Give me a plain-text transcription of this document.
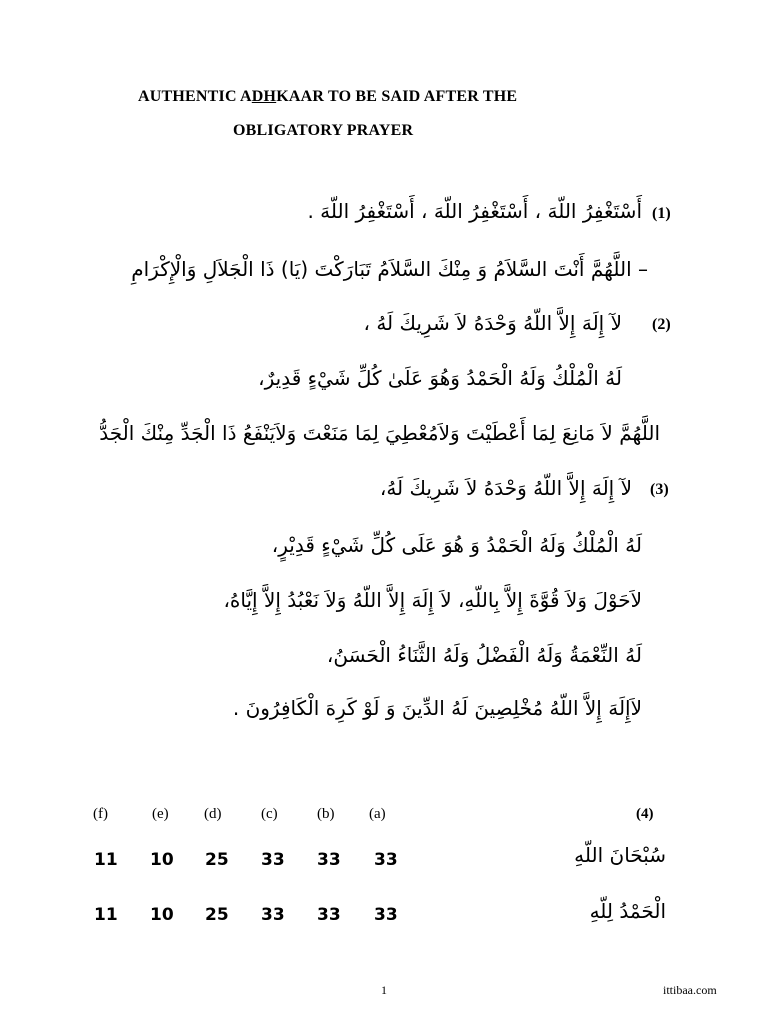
AUTHENTIC ADHKAAR TO BE SAID AFTER THE
OBLIGATORY PRAYER
(1)
أَسْتَغْفِرُ اللّهَ ، أَسْتَغْفِرُ اللّهَ ، أَسْتَغْفِرُ اللّهَ .
– اللَّهُمَّ أَنْتَ السَّلاَمُ وَ مِنْكَ السَّلاَمُ تَبَارَكْتَ (يَا) ذَا الْجَلاَلِ وَالْإِكْرَامِ
(2)
لآ إِلَهَ إِلاَّ اللّهُ وَحْدَهُ لاَ شَرِيكَ لَهُ ،
لَهُ الْمُلْكُ وَلَهُ الْحَمْدُ وَهُوَ عَلَىٰ كُلِّ شَيْءٍ قَدِيرٌ،
اللَّهُمَّ لاَ مَانِعَ لِمَا أَعْطَيْتَ وَلاَمُعْطِيَ لِمَا مَنَعْتَ وَلاَيَنْفَعُ ذَا الْجَدِّ مِنْكَ الْجَدُّ
(3)
لآ إِلَهَ إِلاَّ اللّهُ وَحْدَهُ لاَ شَرِيكَ لَهُ،
لَهُ الْمُلْكُ وَلَهُ الْحَمْدُ وَ هُوَ عَلَى كُلِّ شَيْءٍ قَدِيْرٍ،
لاَحَوْلَ وَلاَ قُوَّةَ إِلاَّ بِاللّهِ، لاَ إِلَهَ إِلاَّ اللّهُ وَلاَ نَعْبُدُ إِلاَّ إِيَّاهُ،
لَهُ النِّعْمَةُ وَلَهُ الْفَضْلُ وَلَهُ الثَّنَاءُ الْحَسَنُ،
لاَإِلَهَ إِلاَّ اللّهُ مُخْلِصِينَ لَهُ الدِّينَ وَ لَوْ كَرِهَ الْكَافِرُونَ .
(f)	(e) (d)	(c)	(b) (a)	(4)
11 10 25 33 33 33	سُبْحَانَ اللّهِ
11 10 25 33 33 33	الْحَمْدُ لِلّهِ
1	ittibaa.com
